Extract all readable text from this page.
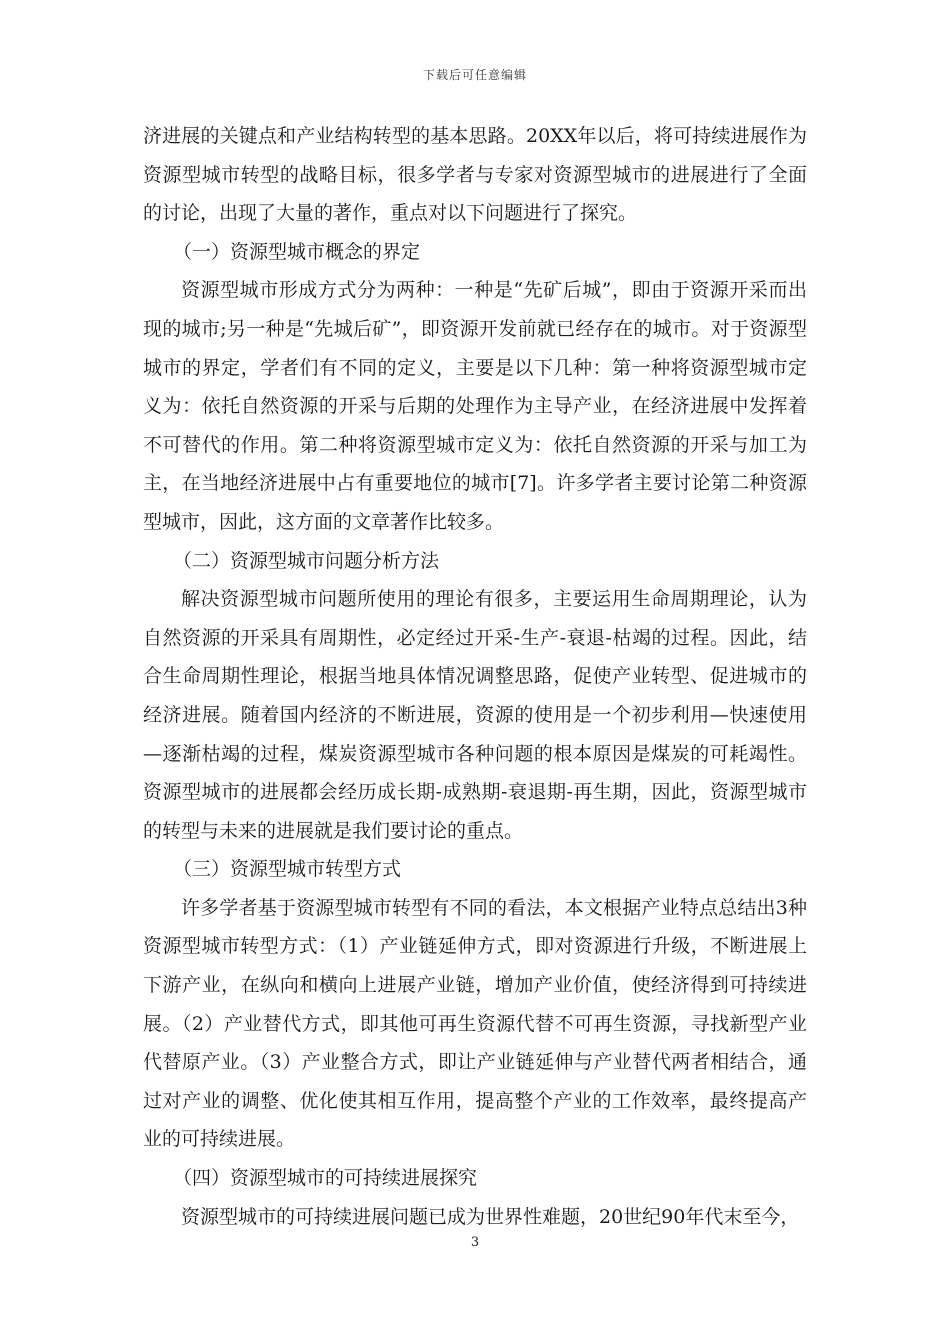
下载后可任意编辑

济进展的关键点和产业结构转型的基本思路。20XX年以后，将可持续进展作为资源型城市转型的战略目标，很多学者与专家对资源型城市的进展进行了全面的讨论，出现了大量的著作，重点对以下问题进行了探究。

（一）资源型城市概念的界定

资源型城市形成方式分为两种：一种是“先矿后城”，即由于资源开采而出现的城市;另一种是“先城后矿”，即资源开发前就已经存在的城市。对于资源型城市的界定，学者们有不同的定义，主要是以下几种：第一种将资源型城市定义为：依托自然资源的开采与后期的处理作为主导产业，在经济进展中发挥着不可替代的作用。第二种将资源型城市定义为：依托自然资源的开采与加工为主，在当地经济进展中占有重要地位的城市[7]。许多学者主要讨论第二种资源型城市，因此，这方面的文章著作比较多。

（二）资源型城市问题分析方法

解决资源型城市问题所使用的理论有很多，主要运用生命周期理论，认为自然资源的开采具有周期性，必定经过开采-生产-衰退-枯竭的过程。因此，结合生命周期性理论，根据当地具体情况调整思路，促使产业转型、促进城市的经济进展。随着国内经济的不断进展，资源的使用是一个初步利用—快速使用—逐渐枯竭的过程，煤炭资源型城市各种问题的根本原因是煤炭的可耗竭性。资源型城市的进展都会经历成长期-成熟期-衰退期-再生期，因此，资源型城市的转型与未来的进展就是我们要讨论的重点。

（三）资源型城市转型方式

许多学者基于资源型城市转型有不同的看法，本文根据产业特点总结出3种资源型城市转型方式：（1）产业链延伸方式，即对资源进行升级，不断进展上下游产业，在纵向和横向上进展产业链，增加产业价值，使经济得到可持续进展。（2）产业替代方式，即其他可再生资源代替不可再生资源，寻找新型产业代替原产业。（3）产业整合方式，即让产业链延伸与产业替代两者相结合，通过对产业的调整、优化使其相互作用，提高整个产业的工作效率，最终提高产业的可持续进展。

（四）资源型城市的可持续进展探究

资源型城市的可持续进展问题已成为世界性难题，20世纪90年代末至今，

3
